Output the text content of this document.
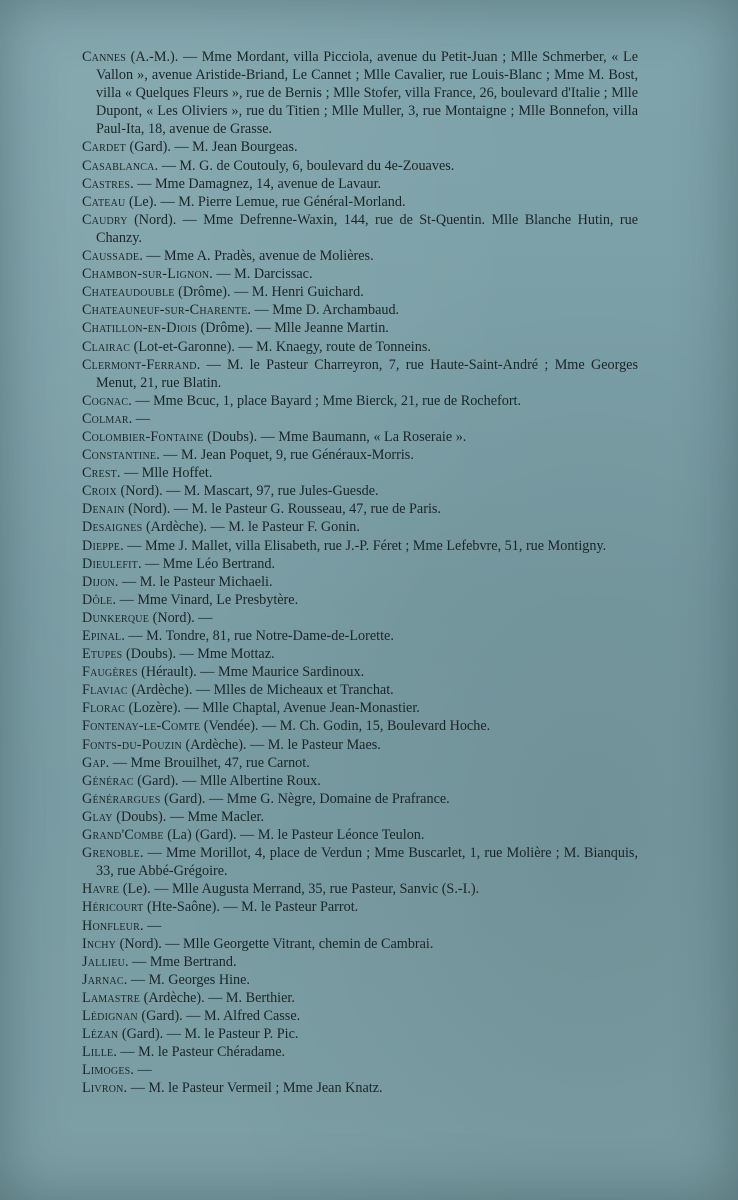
Cannes (A.-M.). — Mme Mordant, villa Picciola, avenue du Petit-Juan ; Mlle Schmerber, « Le Vallon », avenue Aristide-Briand, Le Cannet ; Mlle Cavalier, rue Louis-Blanc ; Mme M. Bost, villa « Quelques Fleurs », rue de Bernis ; Mlle Stofer, villa France, 26, boulevard d'Italie ; Mlle Dupont, « Les Oliviers », rue du Titien ; Mlle Muller, 3, rue Montaigne ; Mlle Bonnefon, villa Paul-Ita, 18, avenue de Grasse.
Cardet (Gard). — M. Jean Bourgeas.
Casablanca. — M. G. de Coutouly, 6, boulevard du 4e-Zouaves.
Castres. — Mme Damagnez, 14, avenue de Lavaur.
Cateau (Le). — M. Pierre Lemue, rue Général-Morland.
Caudry (Nord). — Mme Defrenne-Waxin, 144, rue de St-Quentin. Mlle Blanche Hutin, rue Chanzy.
Caussade. — Mme A. Pradès, avenue de Molières.
Chambon-sur-Lignon. — M. Darcissac.
Chateaudouble (Drôme). — M. Henri Guichard.
Chateauneuf-sur-Charente. — Mme D. Archambaud.
Chatillon-en-Diois (Drôme). — Mlle Jeanne Martin.
Clairac (Lot-et-Garonne). — M. Knaegy, route de Tonneins.
Clermont-Ferrand. — M. le Pasteur Charreyron, 7, rue Haute-Saint-André ; Mme Georges Menut, 21, rue Blatin.
Cognac. — Mme Bcuc, 1, place Bayard ; Mme Bierck, 21, rue de Rochefort.
Colmar. —
Colombier-Fontaine (Doubs). — Mme Baumann, « La Roseraie ».
Constantine. — M. Jean Poquet, 9, rue Généraux-Morris.
Crest. — Mlle Hoffet.
Croix (Nord). — M. Mascart, 97, rue Jules-Guesde.
Denain (Nord). — M. le Pasteur G. Rousseau, 47, rue de Paris.
Desaignes (Ardèche). — M. le Pasteur F. Gonin.
Dieppe. — Mme J. Mallet, villa Elisabeth, rue J.-P. Féret ; Mme Lefebvre, 51, rue Montigny.
Dieulefit. — Mme Léo Bertrand.
Dijon. — M. le Pasteur Michaeli.
Dôle. — Mme Vinard, Le Presbytère.
Dunkerque (Nord). —
Epinal. — M. Tondre, 81, rue Notre-Dame-de-Lorette.
Etupes (Doubs). — Mme Mottaz.
Faugères (Hérault). — Mme Maurice Sardinoux.
Flaviac (Ardèche). — Mlles de Micheaux et Tranchat.
Florac (Lozère). — Mlle Chaptal, Avenue Jean-Monastier.
Fontenay-le-Comte (Vendée). — M. Ch. Godin, 15, Boulevard Hoche.
Fonts-du-Pouzin (Ardèche). — M. le Pasteur Maes.
Gap. — Mme Brouilhet, 47, rue Carnot.
Générac (Gard). — Mlle Albertine Roux.
Générargues (Gard). — Mme G. Nègre, Domaine de Prafrance.
Glay (Doubs). — Mme Macler.
Grand'Combe (La) (Gard). — M. le Pasteur Léonce Teulon.
Grenoble. — Mme Morillot, 4, place de Verdun ; Mme Buscarlet, 1, rue Molière ; M. Bianquis, 33, rue Abbé-Grégoire.
Havre (Le). — Mlle Augusta Merrand, 35, rue Pasteur, Sanvic (S.-I.).
Héricourt (Hte-Saône). — M. le Pasteur Parrot.
Honfleur. —
Inchy (Nord). — Mlle Georgette Vitrant, chemin de Cambrai.
Jallieu. — Mme Bertrand.
Jarnac. — M. Georges Hine.
Lamastre (Ardèche). — M. Berthier.
Lédignan (Gard). — M. Alfred Casse.
Lézan (Gard). — M. le Pasteur P. Pic.
Lille. — M. le Pasteur Chéradame.
Limoges. —
Livron. — M. le Pasteur Vermeil ; Mme Jean Knatz.
